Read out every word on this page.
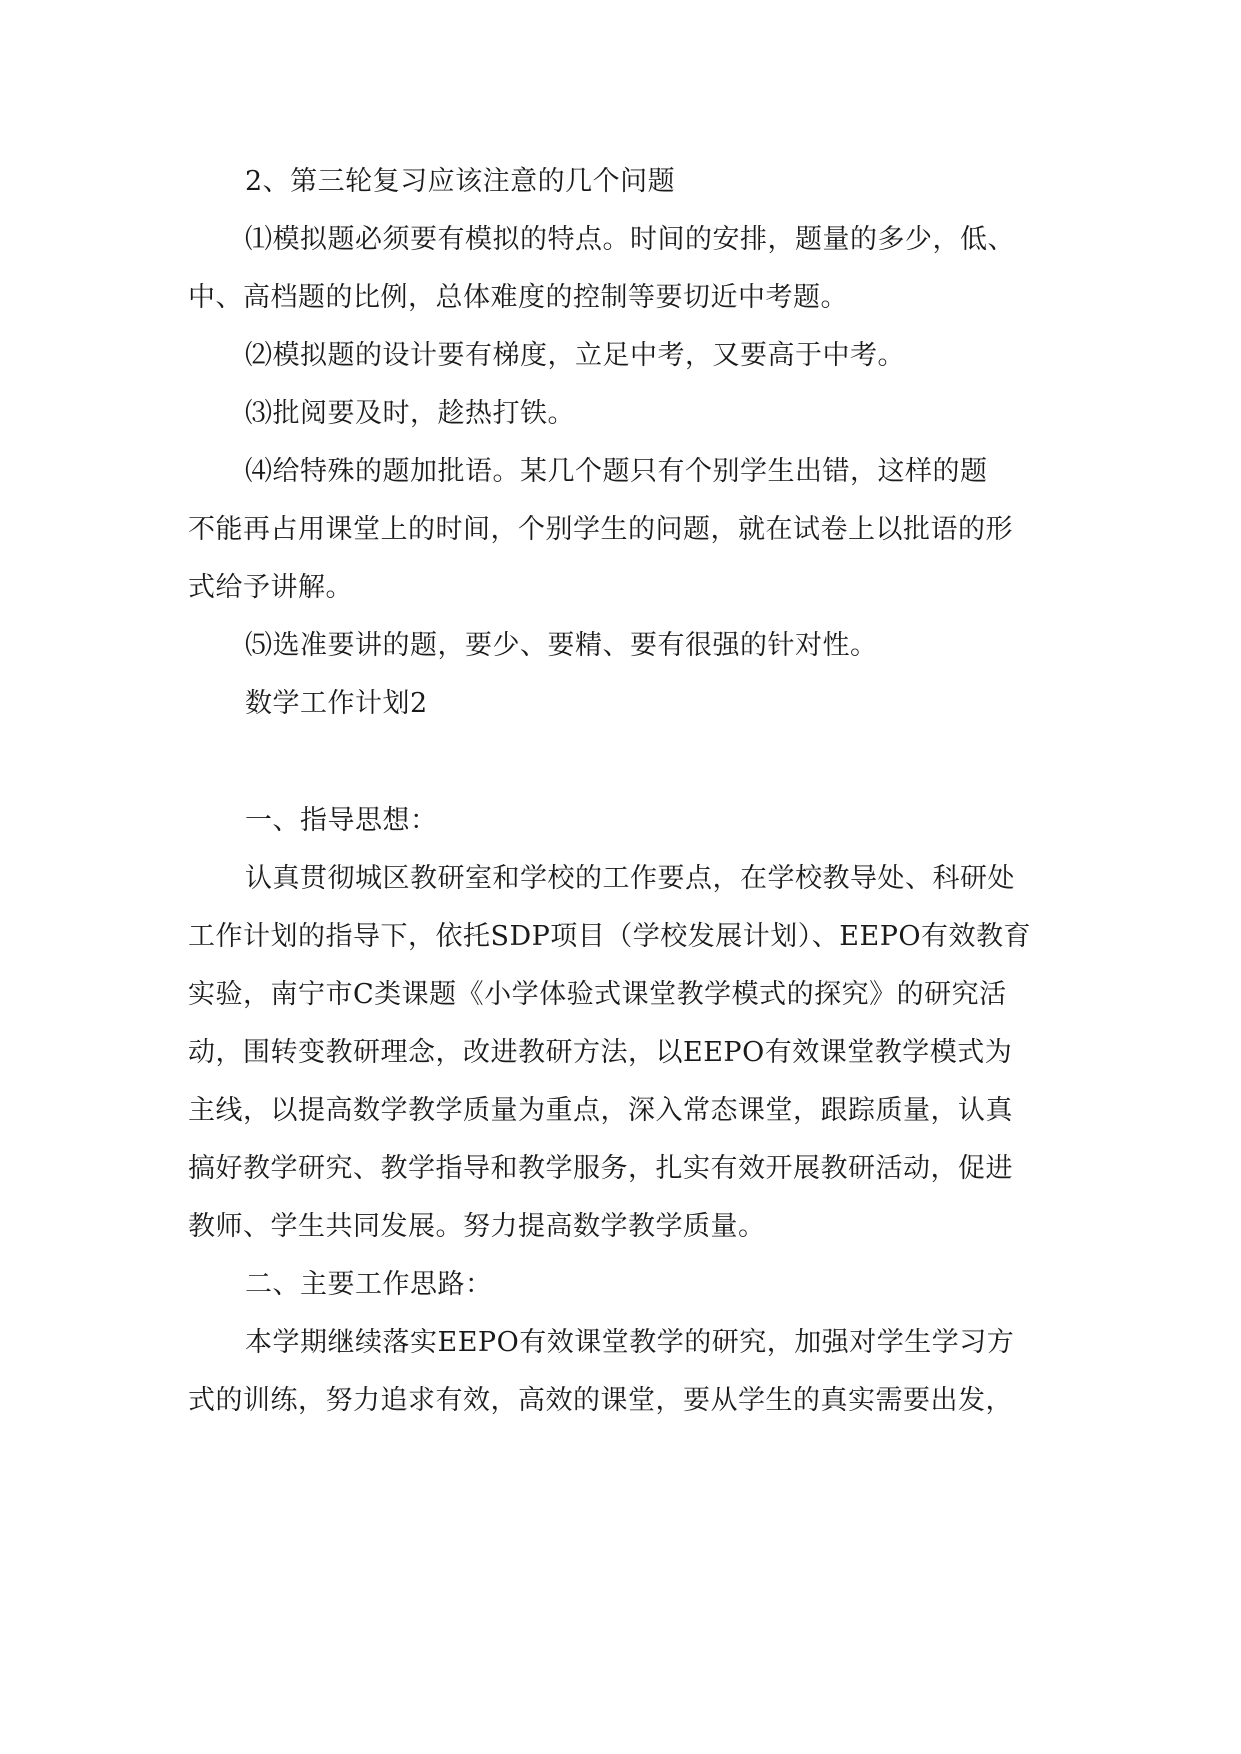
2、第三轮复习应该注意的几个问题
⑴模拟题必须要有模拟的特点。时间的安排，题量的多少，低、
中、高档题的比例，总体难度的控制等要切近中考题。
⑵模拟题的设计要有梯度，立足中考，又要高于中考。
⑶批阅要及时，趁热打铁。
⑷给特殊的题加批语。某几个题只有个别学生出错，这样的题
不能再占用课堂上的时间，个别学生的问题，就在试卷上以批语的形
式给予讲解。
⑸选准要讲的题，要少、要精、要有很强的针对性。
数学工作计划2
一、指导思想：
认真贯彻城区教研室和学校的工作要点，在学校教导处、科研处
工作计划的指导下，依托SDP项目（学校发展计划）、EEPO有效教育
实验，南宁市C类课题《小学体验式课堂教学模式的探究》的研究活
动，围转变教研理念，改进教研方法，以EEPO有效课堂教学模式为
主线，以提高数学教学质量为重点，深入常态课堂，跟踪质量，认真
搞好教学研究、教学指导和教学服务，扎实有效开展教研活动，促进
教师、学生共同发展。努力提高数学教学质量。
二、主要工作思路：
本学期继续落实EEPO有效课堂教学的研究，加强对学生学习方
式的训练，努力追求有效，高效的课堂，要从学生的真实需要出发，
